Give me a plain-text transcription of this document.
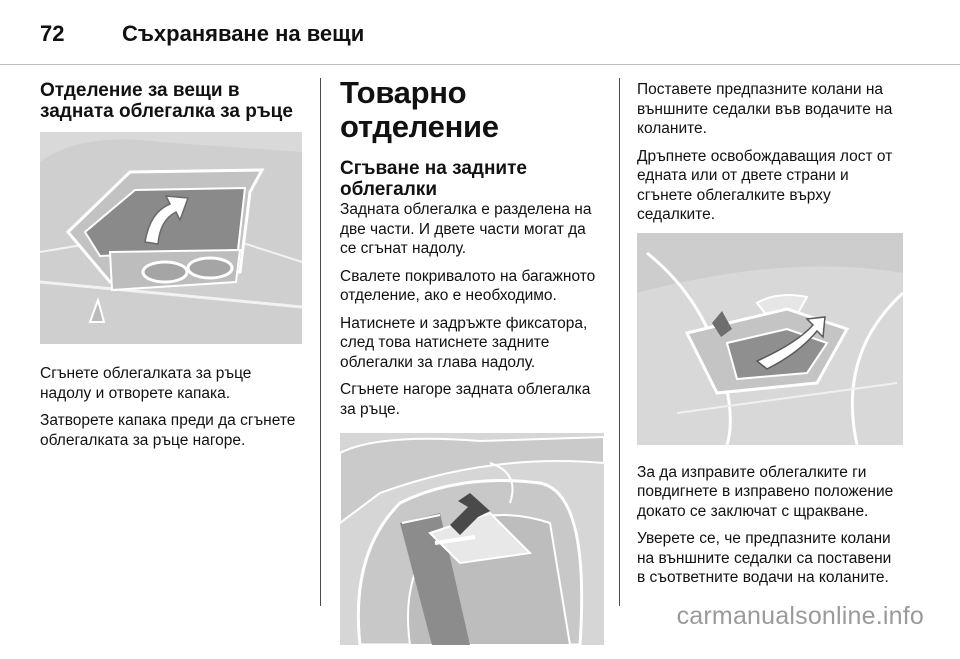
72	Съхраняване на вещи
Отделение за вещи в задната облегалка за ръце

Сгънете облегалката за ръце надолу и отворете капака.

Затворете капака преди да сгънете облегалката за ръце нагоре.

Товарно отделение
Сгъване на задните облегалки

Задната облегалка е разделена на две части. И двете части могат да се сгънат надолу.

Свалете покривалото на багажното отделение, ако е необходимо.

Натиснете и задръжте фиксатора, след това натиснете задните облегалки за глава надолу.

Сгънете нагоре задната облегалка за ръце.

Поставете предпазните колани на външните седалки във водачите на коланите.

Дръпнете освобождаващия лост от едната или от двете страни и сгънете облегалките върху седалките.

За да изправите облегалките ги повдигнете в изправено положение докато се заключат с щракване.

Уверете се, че предпазните колани на външните седалки са поставени в съответните водачи на коланите.

carmanualsonline.info
